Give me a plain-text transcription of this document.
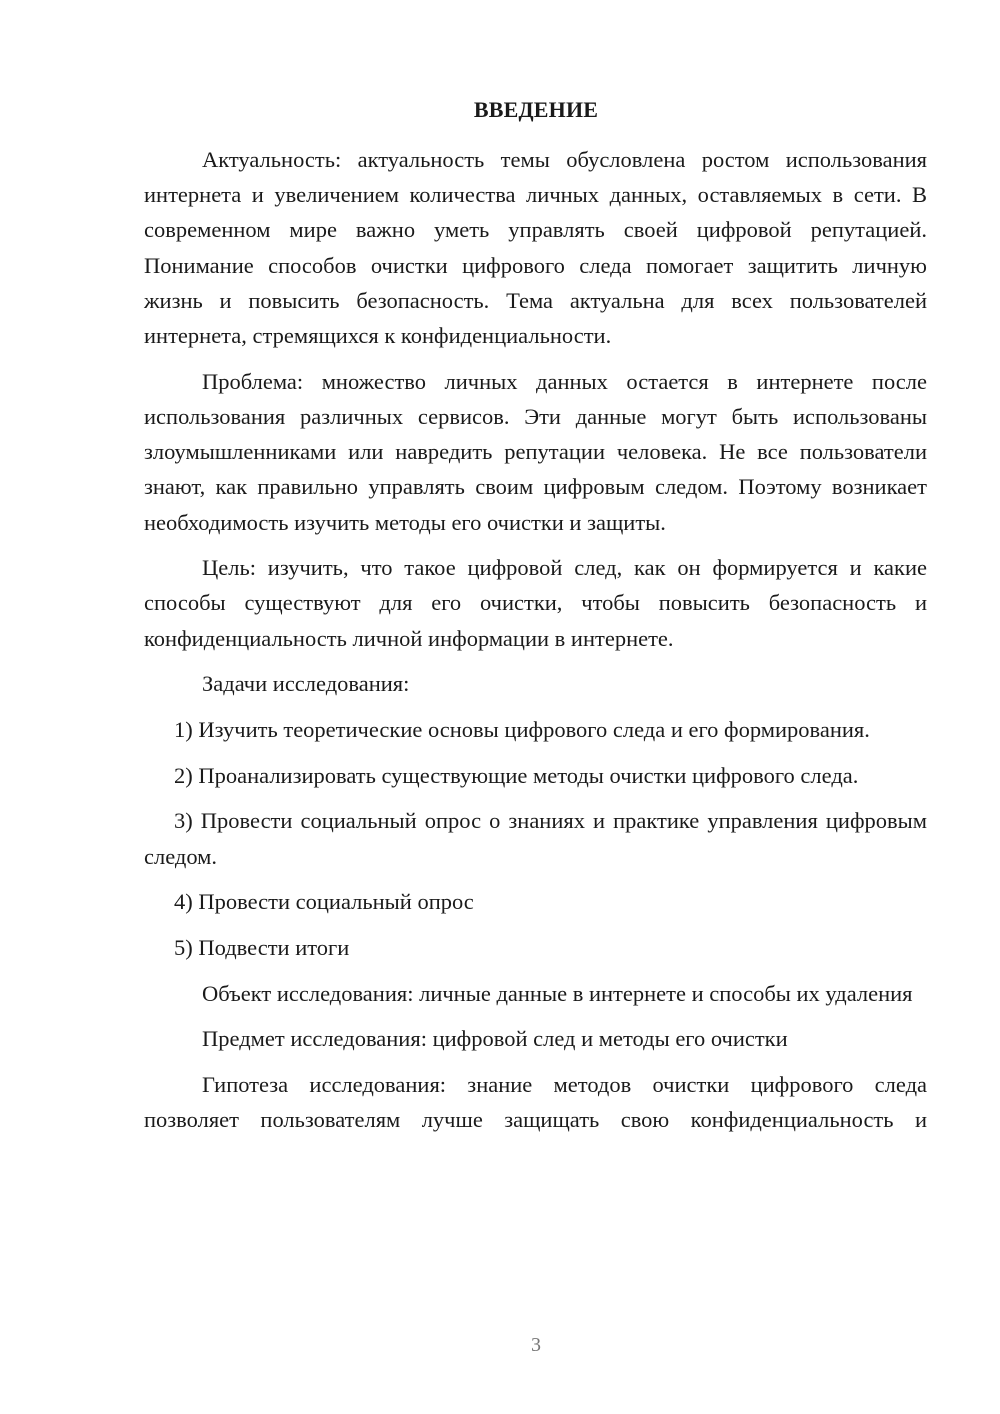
ВВЕДЕНИЕ

Актуальность: актуальность темы обусловлена ростом использования интернета и увеличением количества личных данных, оставляемых в сети. В современном мире важно уметь управлять своей цифровой репутацией. Понимание способов очистки цифрового следа помогает защитить личную жизнь и повысить безопасность. Тема актуальна для всех пользователей интернета, стремящихся к конфиденциальности.

Проблема: множество личных данных остается в интернете после использования различных сервисов. Эти данные могут быть использованы злоумышленниками или навредить репутации человека. Не все пользователи знают, как правильно управлять своим цифровым следом. Поэтому возникает необходимость изучить методы его очистки и защиты.

Цель: изучить, что такое цифровой след, как он формируется и какие способы существуют для его очистки, чтобы повысить безопасность и конфиденциальность личной информации в интернете.

Задачи исследования:

1) Изучить теоретические основы цифрового следа и его формирования.

2) Проанализировать существующие методы очистки цифрового следа.

3) Провести социальный опрос о знаниях и практике управления цифровым следом.

4) Провести социальный опрос

5) Подвести итоги

Объект исследования: личные данные в интернете и способы их удаления

Предмет исследования: цифровой след и методы его очистки

Гипотеза исследования: знание методов очистки цифрового следа позволяет пользователям лучше защищать свою конфиденциальность и

3
